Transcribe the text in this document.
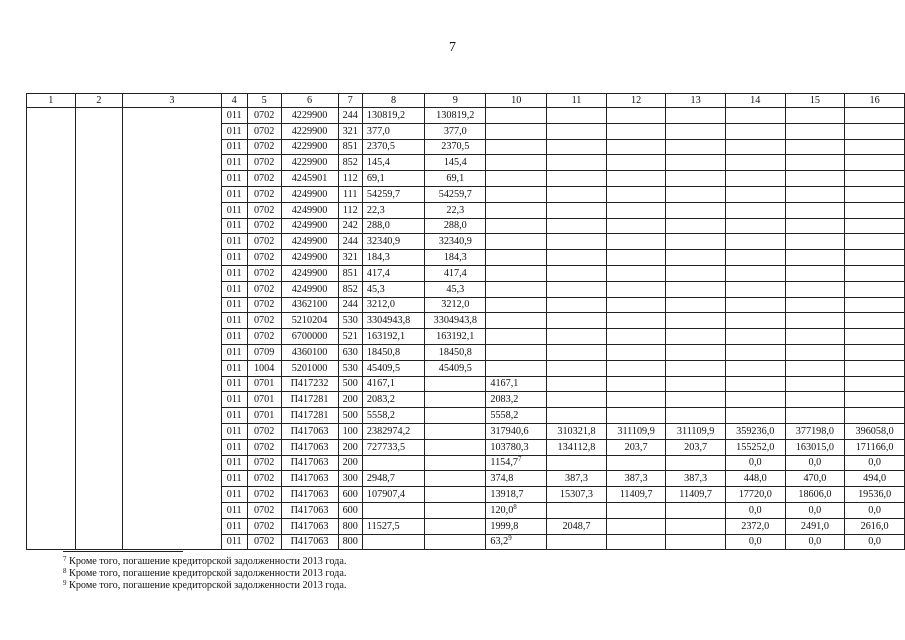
7
1	2	3	4	5	6	7	8	9	10	11	12	13	14	15	16
			011	0702	4229900	244	130819,2	130819,2							
			011	0702	4229900	321	377,0	377,0							
			011	0702	4229900	851	2370,5	2370,5							
			011	0702	4229900	852	145,4	145,4							
			011	0702	4245901	112	69,1	69,1							
			011	0702	4249900	111	54259,7	54259,7							
			011	0702	4249900	112	22,3	22,3							
			011	0702	4249900	242	288,0	288,0							
			011	0702	4249900	244	32340,9	32340,9							
			011	0702	4249900	321	184,3	184,3							
			011	0702	4249900	851	417,4	417,4							
			011	0702	4249900	852	45,3	45,3							
			011	0702	4362100	244	3212,0	3212,0							
			011	0702	5210204	530	3304943,8	3304943,8							
			011	0702	6700000	521	163192,1	163192,1							
			011	0709	4360100	630	18450,8	18450,8							
			011	1004	5201000	530	45409,5	45409,5							
			011	0701	П417232	500	4167,1		4167,1						
			011	0701	П417281	200	2083,2		2083,2						
			011	0701	П417281	500	5558,2		5558,2						
			011	0702	П417063	100	2382974,2		317940,6	310321,8	311109,9	311109,9	359236,0	377198,0	396058,0
			011	0702	П417063	200	727733,5		103780,3	134112,8	203,7	203,7	155252,0	163015,0	171166,0
			011	0702	П417063	200			1154,7$^7$				0,0	0,0	0,0
			011	0702	П417063	300	2948,7		374,8	387,3	387,3	387,3	448,0	470,0	494,0
			011	0702	П417063	600	107907,4		13918,7	15307,3	11409,7	11409,7	17720,0	18606,0	19536,0
			011	0702	П417063	600			120,0$^8$				0,0	0,0	0,0
			011	0702	П417063	800	11527,5		1999,8	2048,7			2372,0	2491,0	2616,0
			011	0702	П417063	800			63,2$^9$				0,0	0,0	0,0
$^7$ Кроме того, погашение кредиторской задолженности 2013 года.
$^8$ Кроме того, погашение кредиторской задолженности 2013 года.
$^9$ Кроме того, погашение кредиторской задолженности 2013 года.
